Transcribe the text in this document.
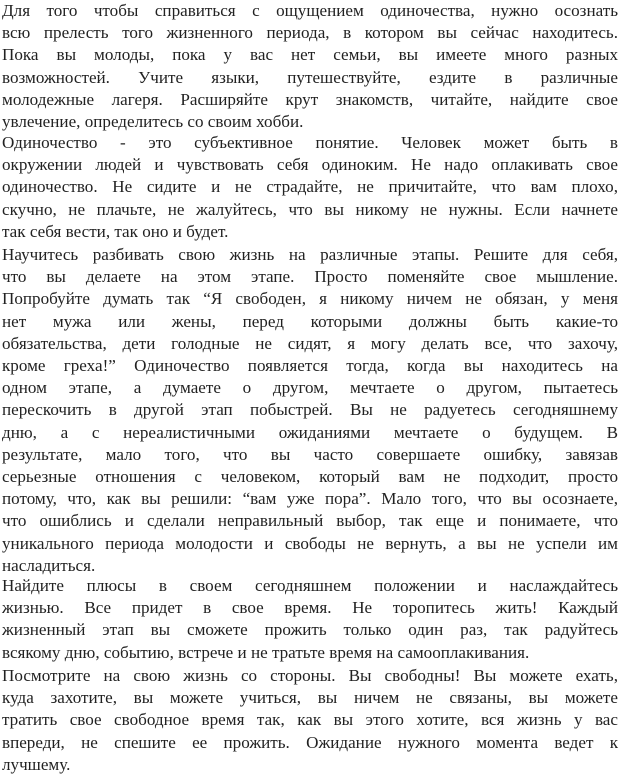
Для того чтобы справиться с ощущением одиночества, нужно осознать
всю прелесть того жизненного периода, в котором вы сейчас находитесь.
Пока вы молоды, пока у вас нет семьи, вы имеете много разных
возможностей. Учите языки, путешествуйте, ездите в различные
молодежные лагеря. Расширяйте крут знакомств, читайте, найдите свое
увлечение, определитесь со своим хобби.
Одиночество - это субъективное понятие. Человек может быть в
окружении людей и чувствовать себя одиноким. Не надо оплакивать свое
одиночество. Не сидите и не страдайте, не причитайте, что вам плохо,
скучно, не плачьте, не жалуйтесь, что вы никому не нужны. Если начнете
так себя вести, так оно и будет.
Научитесь разбивать свою жизнь на различные этапы. Решите для себя,
что вы делаете на этом этапе. Просто поменяйте свое мышление.
Попробуйте думать так “Я свободен, я никому ничем не обязан, у меня
нет мужа или жены, перед которыми должны быть какие-то
обязательства, дети голодные не сидят, я могу делать все, что захочу,
кроме греха!” Одиночество появляется тогда, когда вы находитесь на
одном этапе, а думаете о другом, мечтаете о другом, пытаетесь
перескочить в другой этап побыстрей. Вы не радуетесь сегодняшнему
дню, а с нереалистичными ожиданиями мечтаете о будущем. В
результате, мало того, что вы часто совершаете ошибку, завязав
серьезные отношения с человеком, который вам не подходит, просто
потому, что, как вы решили: “вам уже пора”. Мало того, что вы осознаете,
что ошиблись и сделали неправильный выбор, так еще и понимаете, что
уникального периода молодости и свободы не вернуть, а вы не успели им
насладиться.
Найдите плюсы в своем сегодняшнем положении и наслаждайтесь
жизнью. Все придет в свое время. Не торопитесь жить! Каждый
жизненный этап вы сможете прожить только один раз, так радуйтесь
всякому дню, событию, встрече и не тратьте время на самооплакивания.
Посмотрите на свою жизнь со стороны. Вы свободны! Вы можете ехать,
куда захотите, вы можете учиться, вы ничем не связаны, вы можете
тратить свое свободное время так, как вы этого хотите, вся жизнь у вас
впереди, не спешите ее прожить. Ожидание нужного момента ведет к
лучшему.
